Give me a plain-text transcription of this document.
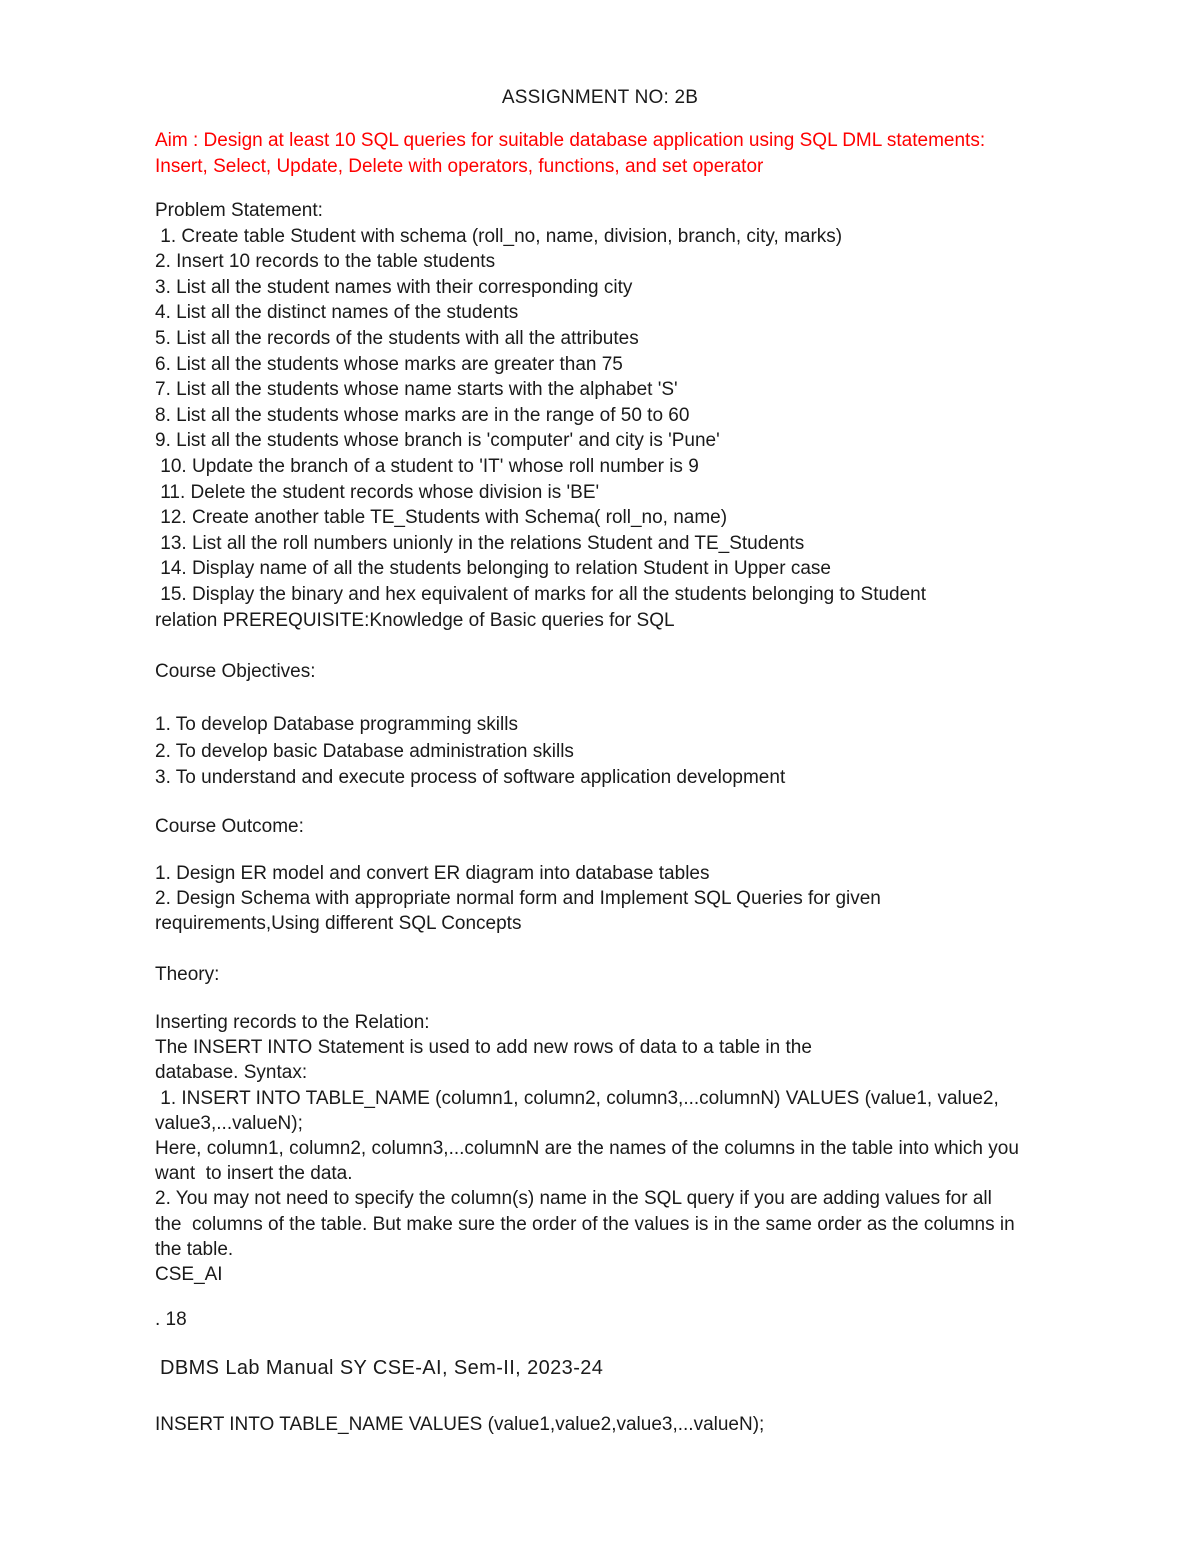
ASSIGNMENT NO: 2B
Aim : Design at least 10 SQL queries for suitable database application using SQL DML statements:
Insert, Select, Update, Delete with operators, functions, and set operator
Problem Statement:
1. Create table Student with schema (roll_no, name, division, branch, city, marks)
2. Insert 10 records to the table students
3. List all the student names with their corresponding city
4. List all the distinct names of the students
5. List all the records of the students with all the attributes
6. List all the students whose marks are greater than 75
7. List all the students whose name starts with the alphabet 'S'
8. List all the students whose marks are in the range of 50 to 60
9. List all the students whose branch is 'computer' and city is 'Pune'
10. Update the branch of a student to 'IT' whose roll number is 9
11. Delete the student records whose division is 'BE'
12. Create another table TE_Students with Schema( roll_no, name)
13. List all the roll numbers unionly in the relations Student and TE_Students
14. Display name of all the students belonging to relation Student in Upper case
15. Display the binary and hex equivalent of marks for all the students belonging to Student
relation PREREQUISITE:Knowledge of Basic queries for SQL
Course Objectives:
1. To develop Database programming skills
2. To develop basic Database administration skills
3. To understand and execute process of software application development
Course Outcome:
1. Design ER model and convert ER diagram into database tables
2. Design Schema with appropriate normal form and Implement SQL Queries for given
requirements,Using different SQL Concepts
Theory:
Inserting records to the Relation:
The INSERT INTO Statement is used to add new rows of data to a table in the
database. Syntax:
1. INSERT INTO TABLE_NAME (column1, column2, column3,...columnN) VALUES (value1, value2,
value3,...valueN);
Here, column1, column2, column3,...columnN are the names of the columns in the table into which you
want  to insert the data.
2. You may not need to specify the column(s) name in the SQL query if you are adding values for all
the  columns of the table. But make sure the order of the values is in the same order as the columns in
the table.
CSE_AI
. 18
DBMS Lab Manual SY CSE-AI, Sem-II, 2023-24
INSERT INTO TABLE_NAME VALUES (value1,value2,value3,...valueN);
